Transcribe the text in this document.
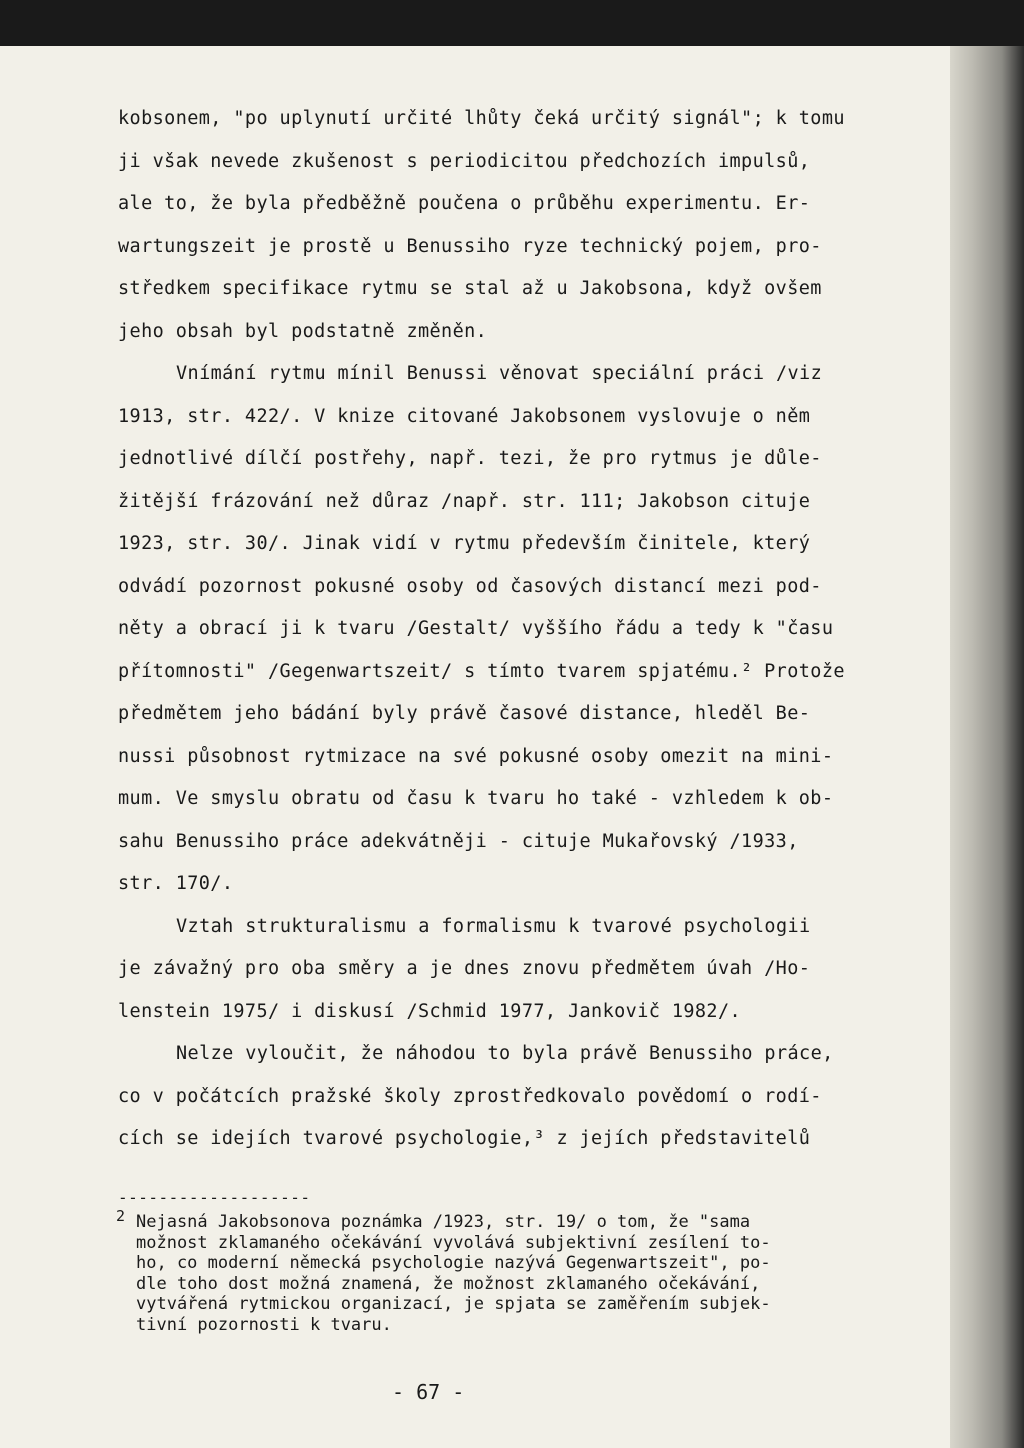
kobsonem, "po uplynutí určité lhůty čeká určitý signál"; k tomu
ji však nevede zkušenost s periodicitou předchozích impulsů,
ale to, že byla předběžně poučena o průběhu experimentu. Er-
wartungszeit je prostě u Benussiho ryze technický pojem, pro-
středkem specifikace rytmu se stal až u Jakobsona, když ovšem
jeho obsah byl podstatně změněn.
Vnímání rytmu mínil Benussi věnovat speciální práci /viz
1913, str. 422/. V knize citované Jakobsonem vyslovuje o něm
jednotlivé dílčí postřehy, např. tezi, že pro rytmus je důle-
žitější frázování než důraz /např. str. 111; Jakobson cituje
1923, str. 30/. Jinak vidí v rytmu především činitele, který
odvádí pozornost pokusné osoby od časových distancí mezi pod-
něty a obrací ji k tvaru /Gestalt/ vyššího řádu a tedy k "času
přítomnosti" /Gegenwartszeit/ s tímto tvarem spjatému.² Protože
předmětem jeho bádání byly právě časové distance, hleděl Be-
nussi působnost rytmizace na své pokusné osoby omezit na mini-
mum. Ve smyslu obratu od času k tvaru ho také - vzhledem k ob-
sahu Benussiho práce adekvátněji - cituje Mukařovský /1933,
str. 170/.
Vztah strukturalismu a formalismu k tvarové psychologii
je závažný pro oba směry a je dnes znovu předmětem úvah /Ho-
lenstein 1975/ i diskusí /Schmid 1977, Jankovič 1982/.
Nelze vyloučit, že náhodou to byla právě Benussiho práce,
co v počátcích pražské školy zprostředkovalo povědomí o rodí-
cích se idejích tvarové psychologie,³ z jejích představitelů
-------------------
2 Nejasná Jakobsonova poznámka /1923, str. 19/ o tom, že "sama
možnost zklamaného očekávání vyvolává subjektivní zesílení to-
ho, co moderní německá psychologie nazývá Gegenwartszeit", po-
dle toho dost možná znamená, že možnost zklamaného očekávání,
vytvářená rytmickou organizací, je spjata se zaměřením subjek-
tivní pozornosti k tvaru.
- 67 -
